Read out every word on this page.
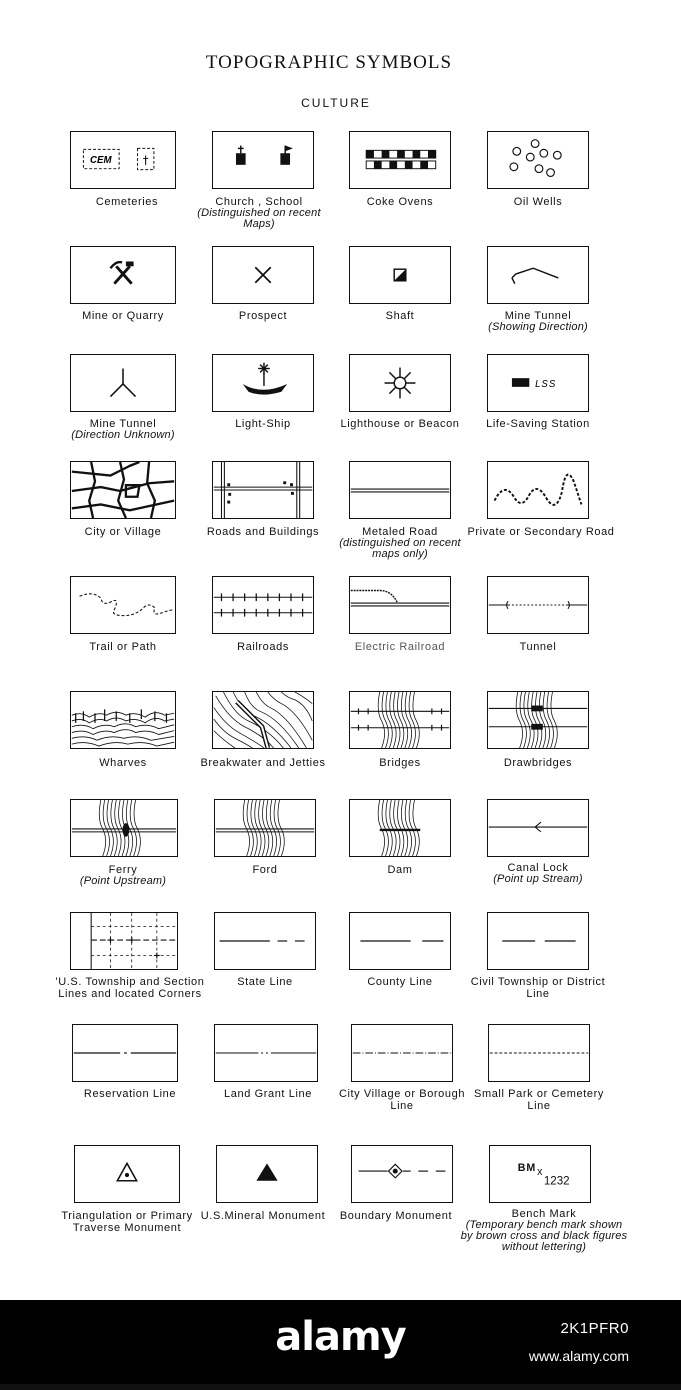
TOPOGRAPHIC SYMBOLS
CULTURE
CEM	†
Cemeteries	Church , School
(Distinguished on recent Maps)
Coke Ovens	Oil Wells
Mine or Quarry	Prospect	Shaft	Mine Tunnel
(Showing Direction)
Mine Tunnel
(Direction Unknown)
Light-Ship	Lighthouse or Beacon
LSS
Life-Saving Station
City or Village	Roads and Buildings	Metaled Road
(distinguished on recent maps only)
Private or Secondary Road
Trail or Path	Railroads	Electric Railroad	Tunnel
Wharves	Breakwater and Jetties	Bridges	Drawbridges
Ferry
(Point Upstream)
Ford	Dam	Canal Lock
(Point up Stream)
'U.S. Township and Section Lines and located Corners
State Line	County Line	Civil Township or District Line
Reservation Line	Land Grant Line	City Village or Borough Line
Small Park or Cemetery Line
Triangulation or Primary Traverse Monument
U.S.Mineral Monument	Boundary Monument
BM x
1232
Bench Mark
(Temporary bench mark shown by brown cross and black figures without lettering)
alamy	2K1PFR0
www.alamy.com
